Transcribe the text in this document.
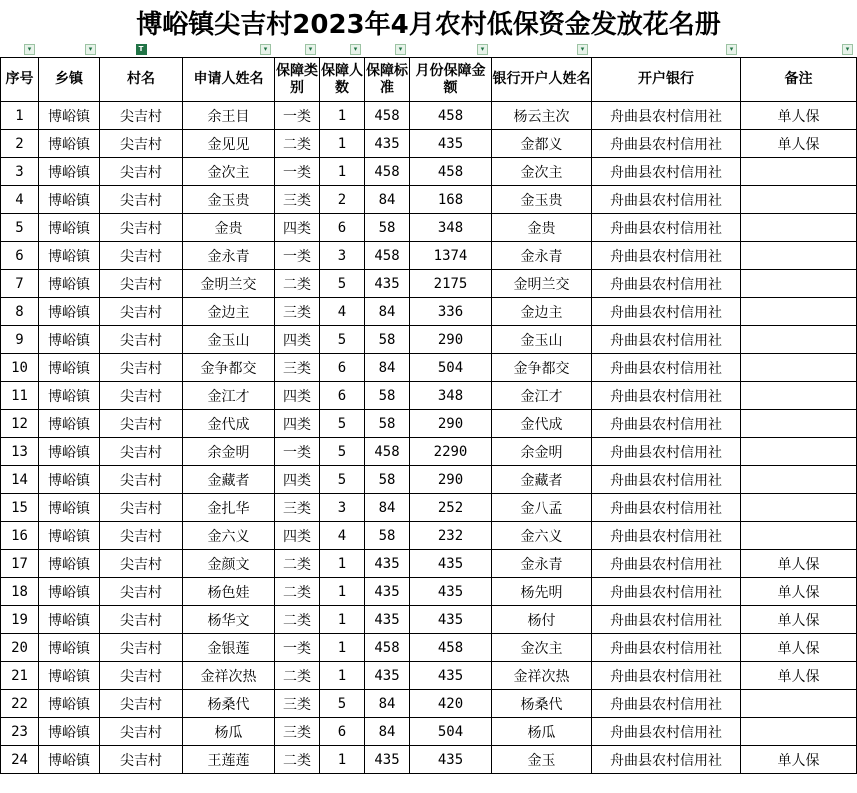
博峪镇尖吉村2023年4月农村低保资金发放花名册
▾	▾	T	▾	▾	▾	▾	▾	▾	▾	▾
序号	乡镇	村名	申请人姓名	保障类别	保障人数	保障标准	月份保障金额	银行开户人姓名	开户银行	备注
1	博峪镇	尖吉村	余王目	一类	1	458	458	杨云主次	舟曲县农村信用社	单人保
2	博峪镇	尖吉村	金见见	二类	1	435	435	金都义	舟曲县农村信用社	单人保
3	博峪镇	尖吉村	金次主	一类	1	458	458	金次主	舟曲县农村信用社	
4	博峪镇	尖吉村	金玉贵	三类	2	84	168	金玉贵	舟曲县农村信用社	
5	博峪镇	尖吉村	金贵	四类	6	58	348	金贵	舟曲县农村信用社	
6	博峪镇	尖吉村	金永青	一类	3	458	1374	金永青	舟曲县农村信用社	
7	博峪镇	尖吉村	金明兰交	二类	5	435	2175	金明兰交	舟曲县农村信用社	
8	博峪镇	尖吉村	金边主	三类	4	84	336	金边主	舟曲县农村信用社	
9	博峪镇	尖吉村	金玉山	四类	5	58	290	金玉山	舟曲县农村信用社	
10	博峪镇	尖吉村	金争都交	三类	6	84	504	金争都交	舟曲县农村信用社	
11	博峪镇	尖吉村	金江才	四类	6	58	348	金江才	舟曲县农村信用社	
12	博峪镇	尖吉村	金代成	四类	5	58	290	金代成	舟曲县农村信用社	
13	博峪镇	尖吉村	余金明	一类	5	458	2290	余金明	舟曲县农村信用社	
14	博峪镇	尖吉村	金藏者	四类	5	58	290	金藏者	舟曲县农村信用社	
15	博峪镇	尖吉村	金扎华	三类	3	84	252	金八孟	舟曲县农村信用社	
16	博峪镇	尖吉村	金六义	四类	4	58	232	金六义	舟曲县农村信用社	
17	博峪镇	尖吉村	金颜文	二类	1	435	435	金永青	舟曲县农村信用社	单人保
18	博峪镇	尖吉村	杨色娃	二类	1	435	435	杨先明	舟曲县农村信用社	单人保
19	博峪镇	尖吉村	杨华文	二类	1	435	435	杨付	舟曲县农村信用社	单人保
20	博峪镇	尖吉村	金银莲	一类	1	458	458	金次主	舟曲县农村信用社	单人保
21	博峪镇	尖吉村	金祥次热	二类	1	435	435	金祥次热	舟曲县农村信用社	单人保
22	博峪镇	尖吉村	杨桑代	三类	5	84	420	杨桑代	舟曲县农村信用社	
23	博峪镇	尖吉村	杨瓜	三类	6	84	504	杨瓜	舟曲县农村信用社	
24	博峪镇	尖吉村	王莲莲	二类	1	435	435	金玉	舟曲县农村信用社	单人保
